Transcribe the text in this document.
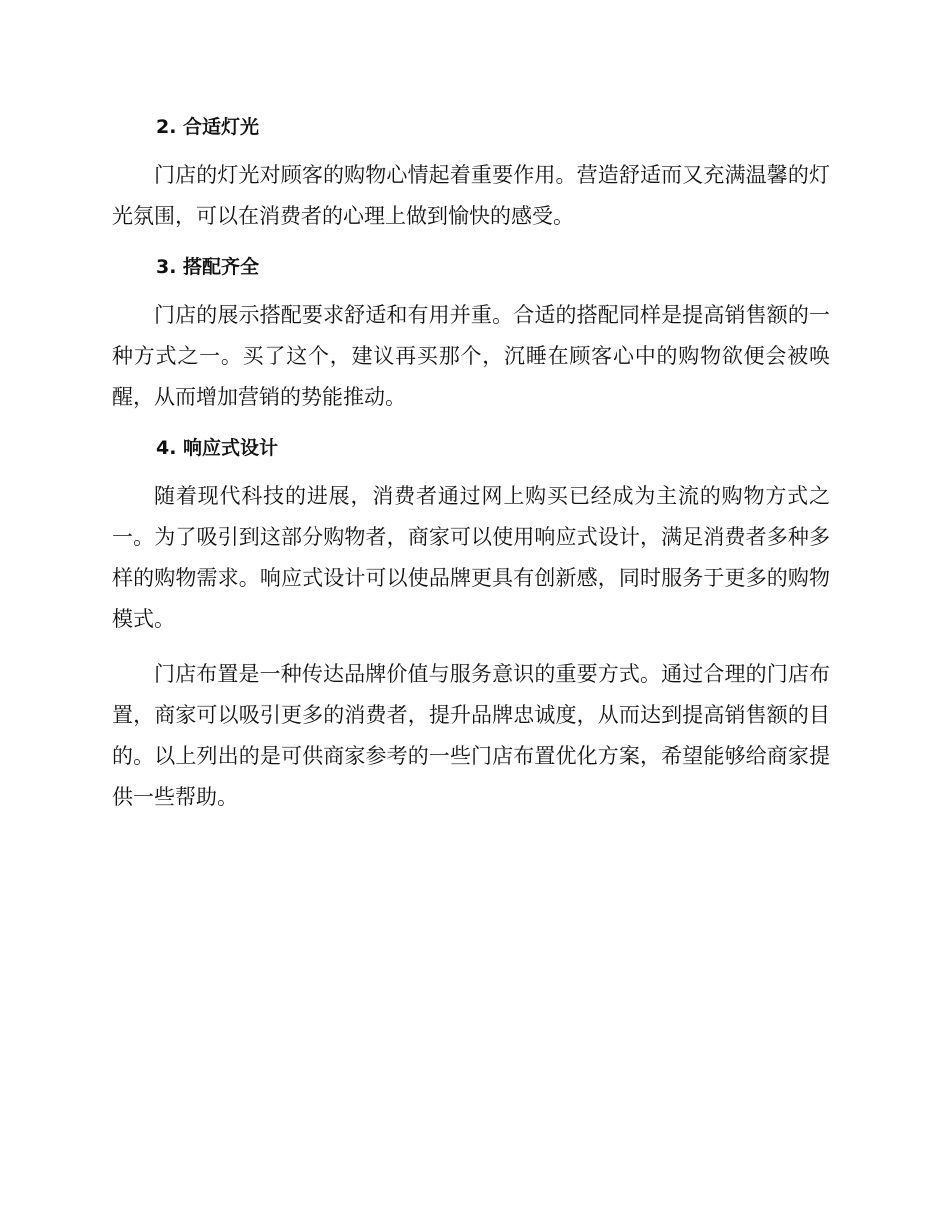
2. 合适灯光

门店的灯光对顾客的购物心情起着重要作用。营造舒适而又充满温馨的灯光氛围，可以在消费者的心理上做到愉快的感受。

3. 搭配齐全

门店的展示搭配要求舒适和有用并重。合适的搭配同样是提高销售额的一种方式之一。买了这个，建议再买那个，沉睡在顾客心中的购物欲便会被唤醒，从而增加营销的势能推动。

4. 响应式设计

随着现代科技的进展，消费者通过网上购买已经成为主流的购物方式之一。为了吸引到这部分购物者，商家可以使用响应式设计，满足消费者多种多样的购物需求。响应式设计可以使品牌更具有创新感，同时服务于更多的购物模式。

门店布置是一种传达品牌价值与服务意识的重要方式。通过合理的门店布置，商家可以吸引更多的消费者，提升品牌忠诚度，从而达到提高销售额的目的。以上列出的是可供商家参考的一些门店布置优化方案，希望能够给商家提供一些帮助。
